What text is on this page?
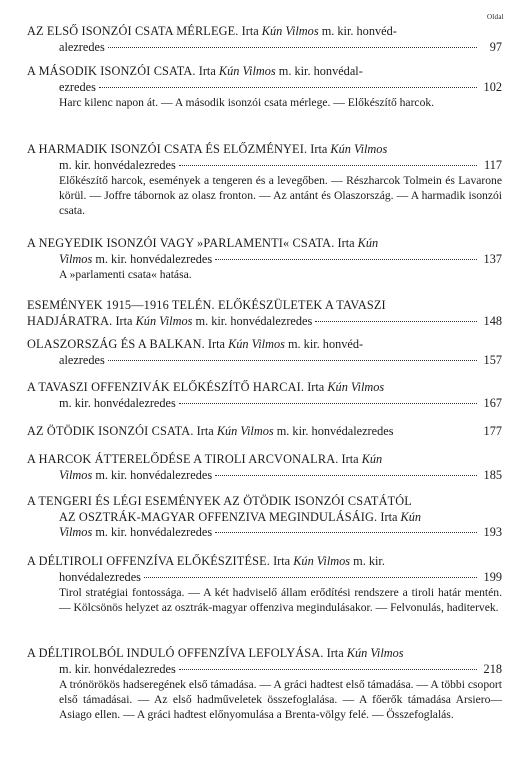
Oldal
AZ ELSŐ ISONZÓI CSATA MÉRLEGE. Irta Kún Vilmos m. kir. honvéd-
alezredes	97
A MÁSODIK ISONZÓI CSATA. Irta Kún Vilmos m. kir. honvédal-
ezredes	102
Harc kilenc napon át. — A második isonzói csata mérlege. — Előkészítő harcok.
A HARMADIK ISONZÓI CSATA ÉS ELŐZMÉNYEI. Irta Kún Vilmos
m. kir. honvédalezredes	117
Előkészítő harcok, események a tengeren és a levegőben. — Részharcok Tolmein és Lavarone körül. — Joffre tábornok az olasz fronton. — Az antánt és Olaszország. — A harmadik isonzói csata.
A NEGYEDIK ISONZÓI VAGY »PARLAMENTI« CSATA. Irta Kún
Vilmos m. kir. honvédalezredes	137
A »parlamenti csata« hatása.
ESEMÉNYEK 1915—1916 TELÉN. ELŐKÉSZÜLETEK A TAVASZI
HADJÁRATRA. Irta Kún Vilmos m. kir. honvédalezredes	148
OLASZORSZÁG ÉS A BALKAN. Irta Kún Vilmos m. kir. honvéd-
alezredes	157
A TAVASZI OFFENZIVÁK ELŐKÉSZÍTŐ HARCAI. Irta Kún Vilmos
m. kir. honvédalezredes	167
AZ ÖTÖDIK ISONZÓI CSATA. Irta Kún Vilmos m. kir. honvédalezredes	177
A HARCOK ÁTTERELŐDÉSE A TIROLI ARCVONALRA. Irta Kún
Vilmos m. kir. honvédalezredes	185
A TENGERI ÉS LÉGI ESEMÉNYEK AZ ÖTÖDIK ISONZÓI CSATÁTÓL
AZ OSZTRÁK-MAGYAR OFFENZIVA MEGINDULÁSÁIG. Irta Kún
Vilmos m. kir. honvédalezredes	193
A DÉLTIROLI OFFENZÍVA ELŐKÉSZITÉSE. Irta Kún Vilmos m. kir.
honvédalezredes	199
Tirol stratégiai fontossága. — A két hadviselő állam erődítési rendszere a tiroli határ mentén. — Kölcsönös helyzet az osztrák-magyar offenziva megindulásakor. — Felvonulás, haditervek.
A DÉLTIROLBÓL INDULÓ OFFENZÍVA LEFOLYÁSA. Irta Kún Vilmos
m. kir. honvédalezredes	218
A trónörökös hadseregének első támadása. — A gráci hadtest első támadása. — A többi csoport első támadásai. — Az első hadműveletek összefoglalása. — A főerők támadása Arsiero—Asiago ellen. — A gráci hadtest előnyomulása a Brenta-völgy felé. — Összefoglalás.
